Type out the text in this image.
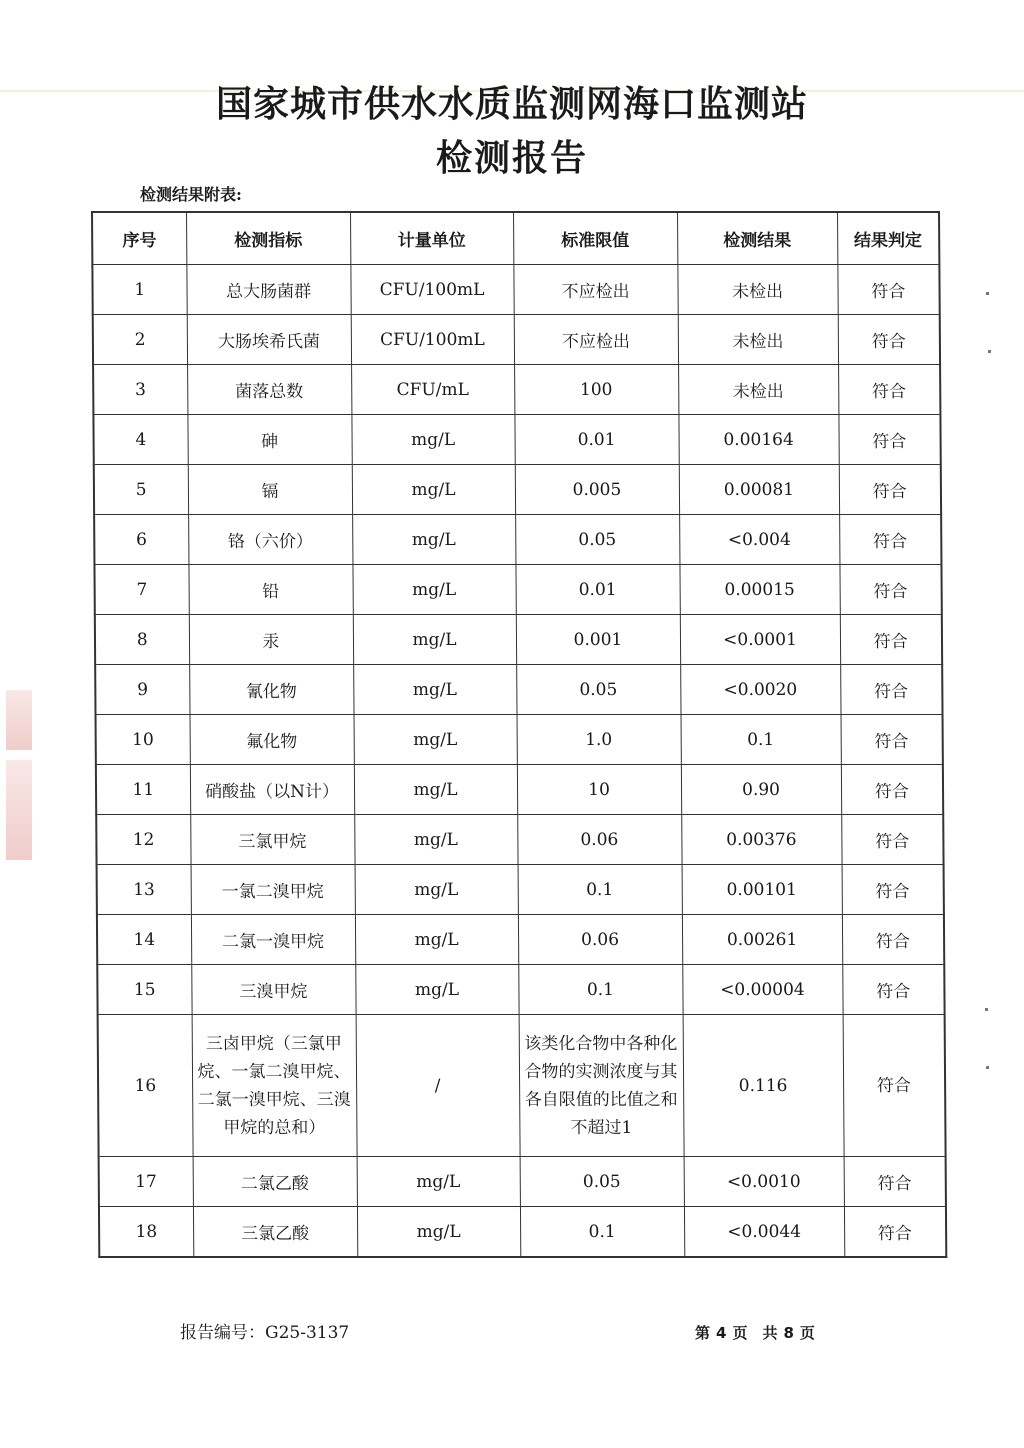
国家城市供水水质监测网海口监测站
检测报告
检测结果附表:
序号	检测指标	计量单位	标准限值	检测结果	结果判定
1	总大肠菌群	CFU/100mL	不应检出	未检出	符合
2	大肠埃希氏菌	CFU/100mL	不应检出	未检出	符合
3	菌落总数	CFU/mL	100	未检出	符合
4	砷	mg/L	0.01	0.00164	符合
5	镉	mg/L	0.005	0.00081	符合
6	铬（六价）	mg/L	0.05	<0.004	符合
7	铅	mg/L	0.01	0.00015	符合
8	汞	mg/L	0.001	<0.0001	符合
9	氰化物	mg/L	0.05	<0.0020	符合
10	氟化物	mg/L	1.0	0.1	符合
11	硝酸盐（以N计）	mg/L	10	0.90	符合
12	三氯甲烷	mg/L	0.06	0.00376	符合
13	一氯二溴甲烷	mg/L	0.1	0.00101	符合
14	二氯一溴甲烷	mg/L	0.06	0.00261	符合
15	三溴甲烷	mg/L	0.1	<0.00004	符合
16	三卤甲烷（三氯甲烷、一氯二溴甲烷、二氯一溴甲烷、三溴甲烷的总和）	/	该类化合物中各种化合物的实测浓度与其各自限值的比值之和不超过1	0.116	符合
17	二氯乙酸	mg/L	0.05	<0.0010	符合
18	三氯乙酸	mg/L	0.1	<0.0044	符合
报告编号：G25-3137	第 4 页　共 8 页
